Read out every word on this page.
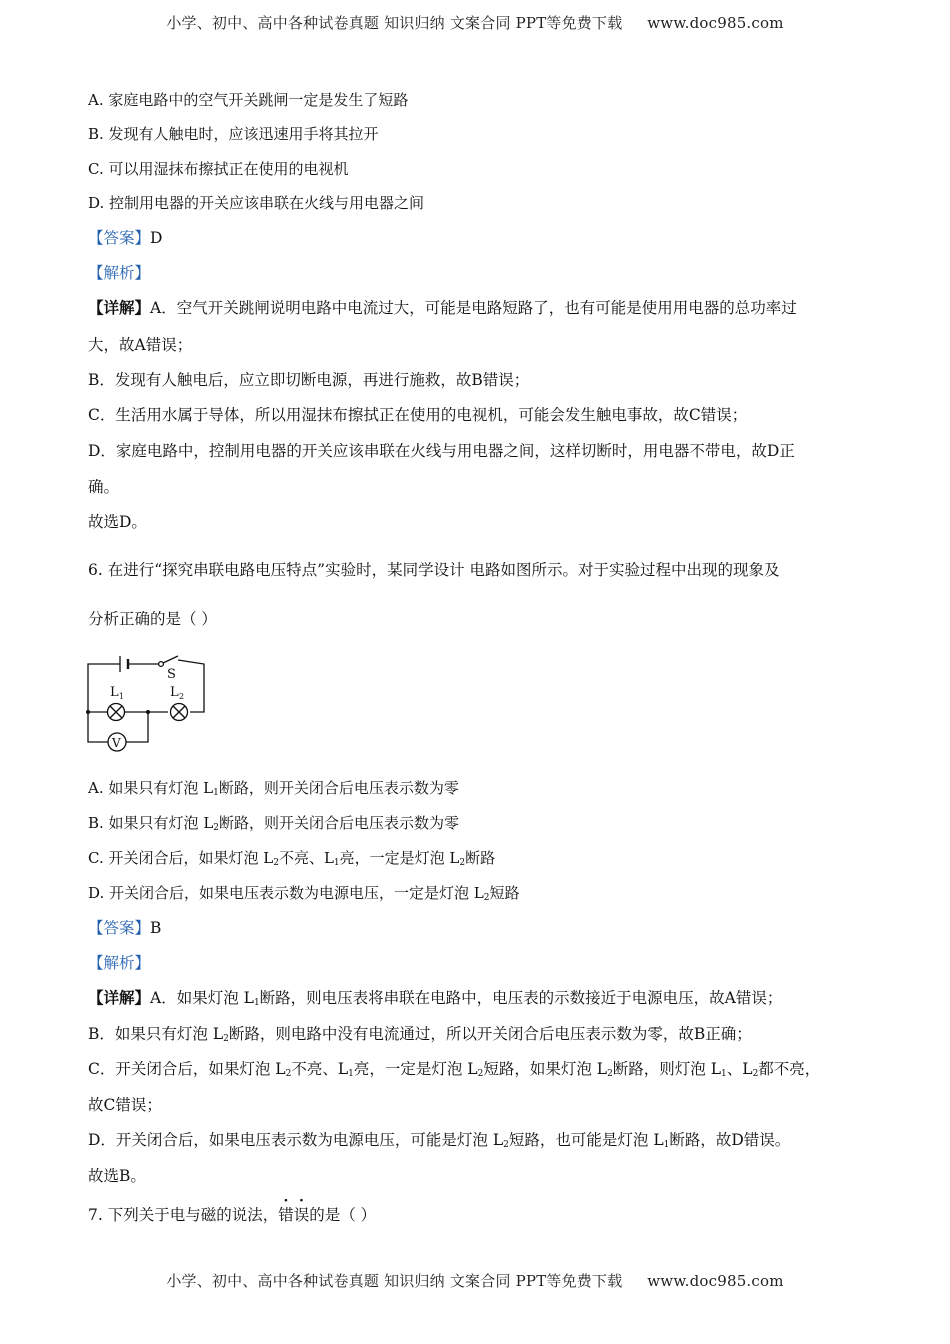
小学、初中、高中各种试卷真题 知识归纳 文案合同 PPT等免费下载 www.doc985.com
A. 家庭电路中的空气开关跳闸一定是发生了短路
B. 发现有人触电时，应该迅速用手将其拉开
C. 可以用湿抹布擦拭正在使用的电视机
D. 控制用电器的开关应该串联在火线与用电器之间
【答案】D
【解析】
【详解】A．空气开关跳闸说明电路中电流过大，可能是电路短路了，也有可能是使用用电器的总功率过
大，故A错误；
B．发现有人触电后，应立即切断电源，再进行施救，故B错误；
C．生活用水属于导体，所以用湿抹布擦拭正在使用的电视机，可能会发生触电事故，故C错误；
D．家庭电路中，控制用电器的开关应该串联在火线与用电器之间，这样切断时，用电器不带电，故D正
确。
故选D。
6. 在进行“探究串联电路电压特点”实验时，某同学设计 电路如图所示。对于实验过程中出现的现象及
分析正确的是（ ）
S
L 1	L 2
V
A. 如果只有灯泡 $L_1$断路，则开关闭合后电压表示数为零
B. 如果只有灯泡 $L_2$断路，则开关闭合后电压表示数为零
C. 开关闭合后，如果灯泡 $L_2$不亮、$L_1$亮，一定是灯泡 $L_2$断路
D. 开关闭合后，如果电压表示数为电源电压，一定是灯泡 $L_2$短路
【答案】B
【解析】
【详解】A．如果灯泡 $L_1$断路，则电压表将串联在电路中，电压表的示数接近于电源电压，故A错误；
B．如果只有灯泡 $L_2$断路，则电路中没有电流通过，所以开关闭合后电压表示数为零，故B正确；
C．开关闭合后，如果灯泡 $L_2$不亮、$L_1$亮，一定是灯泡 $L_2$短路，如果灯泡 $L_2$断路，则灯泡 $L_1$、$L_2$都不亮，
故C错误；
D．开关闭合后，如果电压表示数为电源电压，可能是灯泡 $L_2$短路，也可能是灯泡 $L_1$断路，故D错误。
故选B。
7. 下列关于电与磁的说法，错误的是（ ）
小学、初中、高中各种试卷真题 知识归纳 文案合同 PPT等免费下载 www.doc985.com
